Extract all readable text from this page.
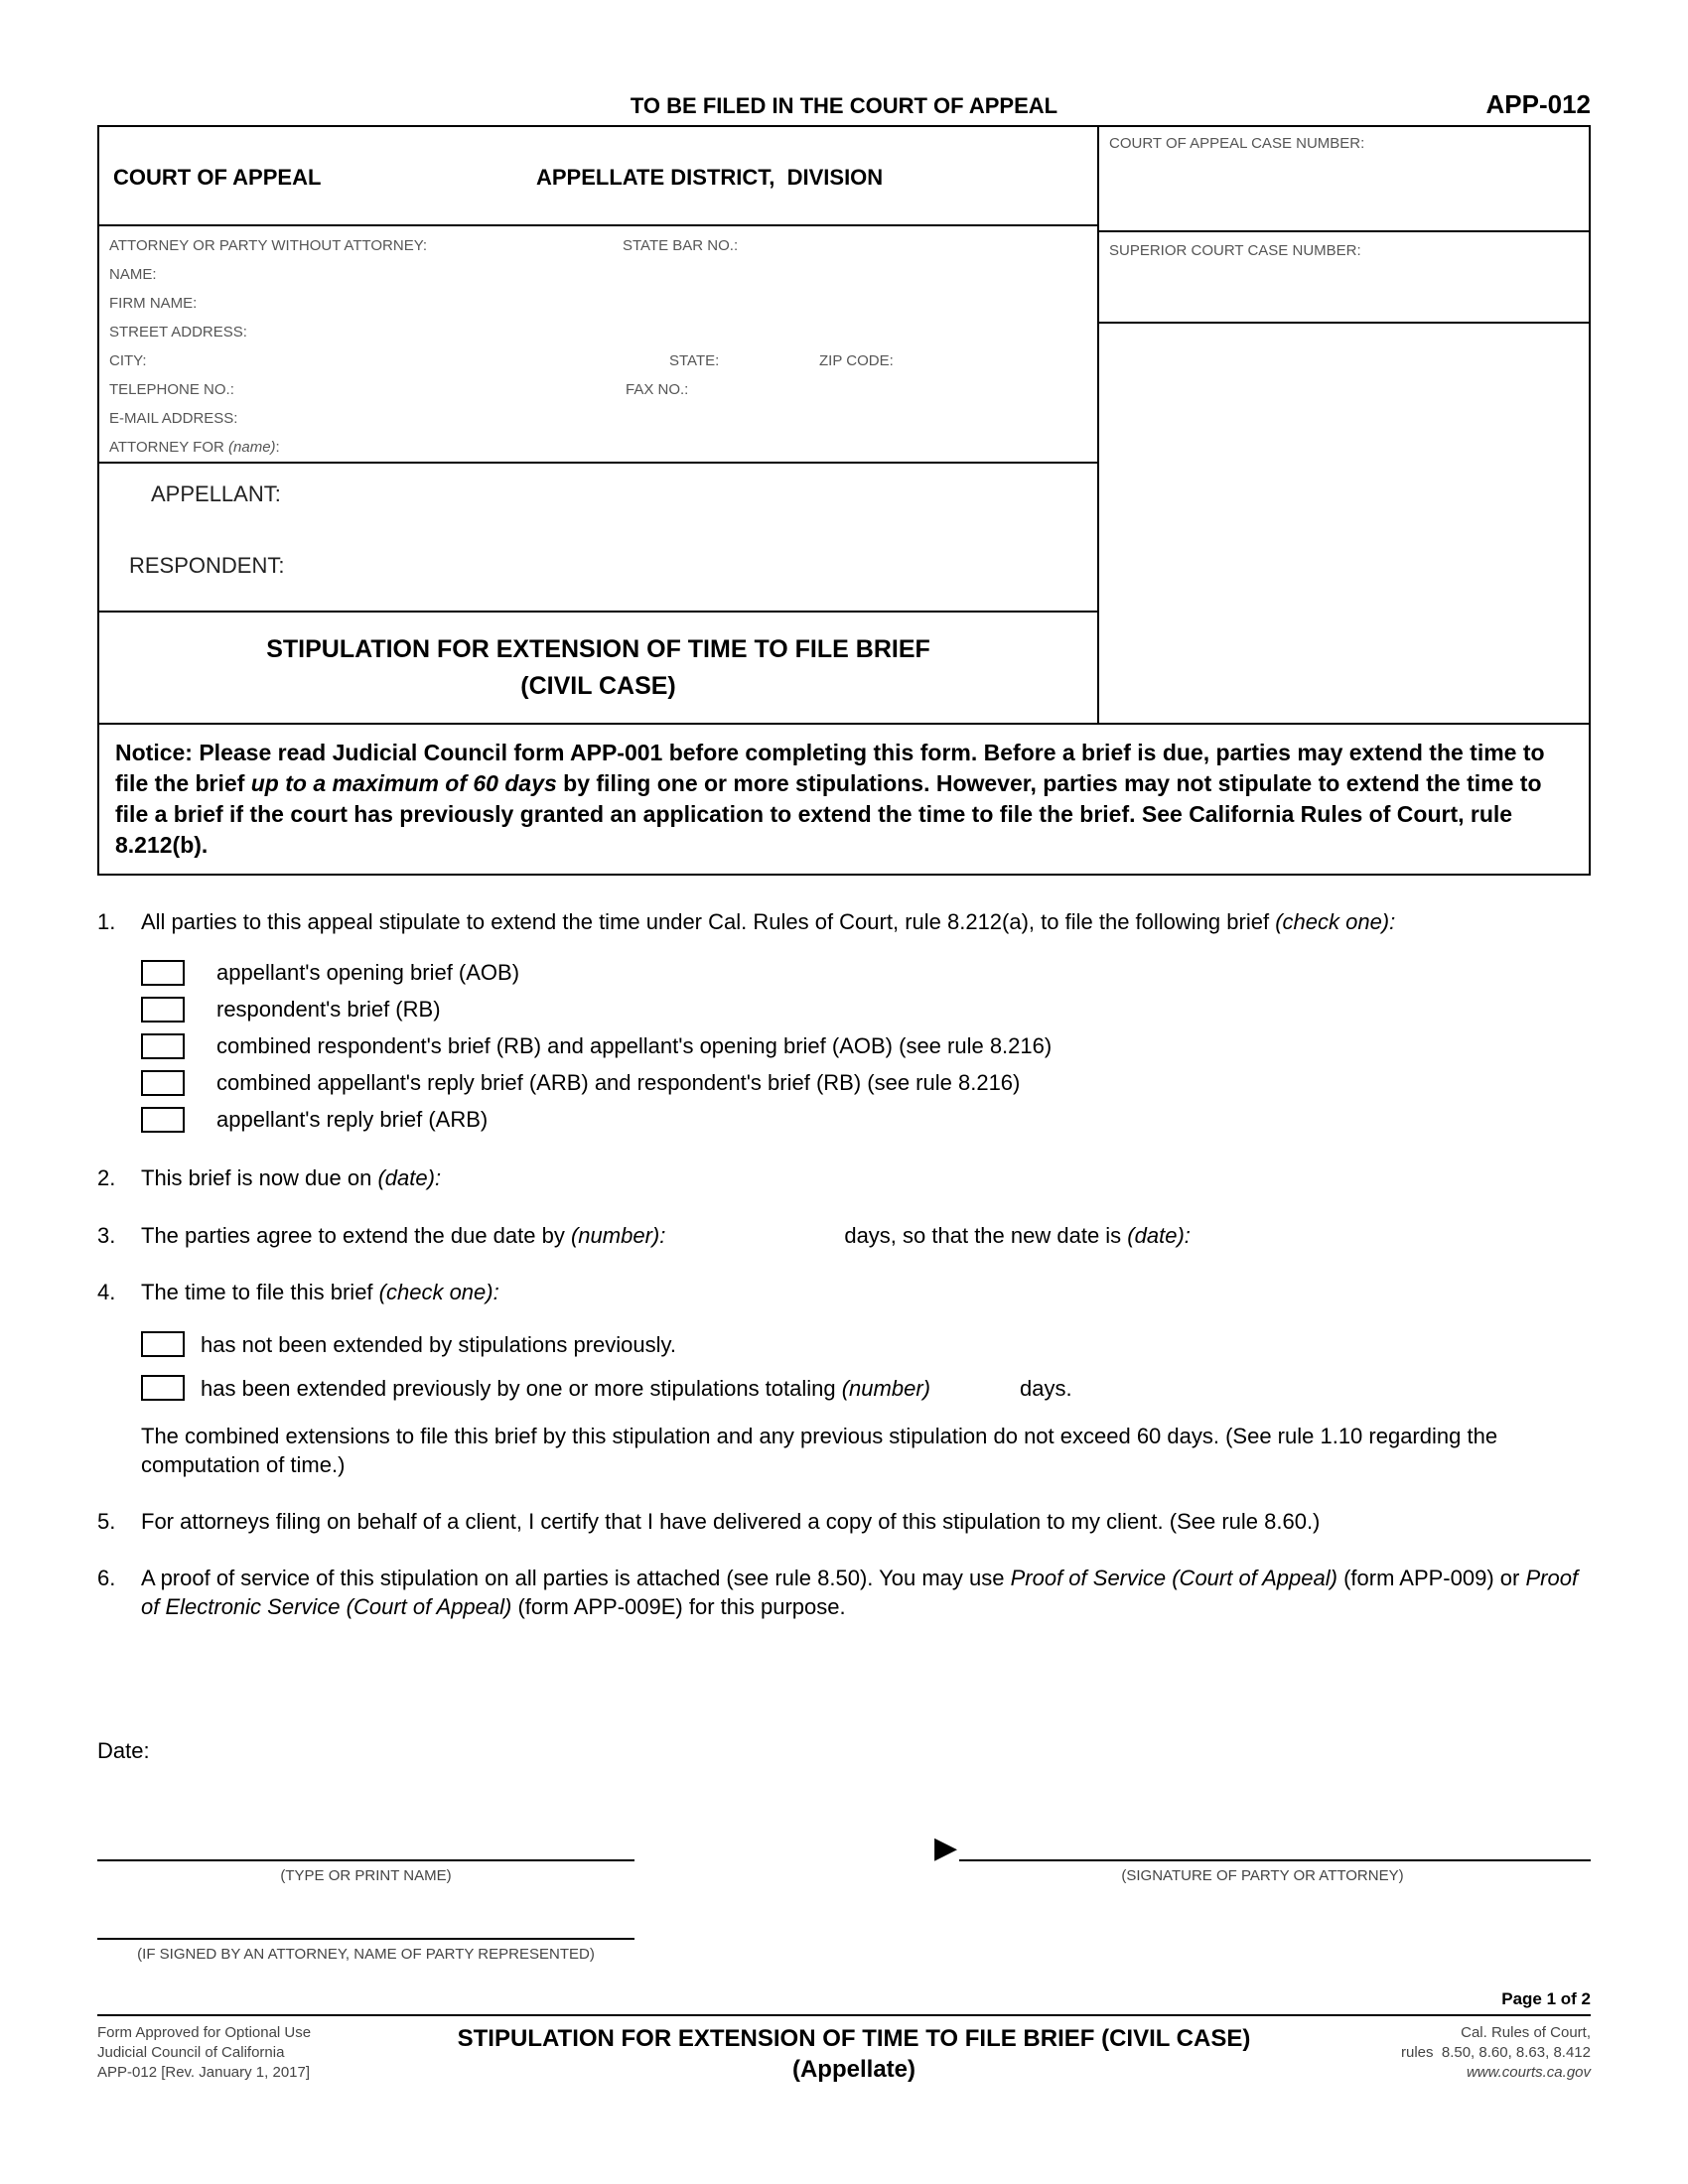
TO BE FILED IN THE COURT OF APPEAL	APP-012
COURT OF APPEAL	APPELLATE DISTRICT,  DIVISION
ATTORNEY OR PARTY WITHOUT ATTORNEY:	STATE BAR NO.:
NAME:
FIRM NAME:
STREET ADDRESS:
CITY:	STATE:	ZIP CODE:
TELEPHONE NO.:	FAX NO.:
E-MAIL ADDRESS:
ATTORNEY FOR (name):
APPELLANT:
RESPONDENT:
STIPULATION FOR EXTENSION OF TIME TO FILE BRIEF
(CIVIL CASE)
COURT OF APPEAL CASE NUMBER:
SUPERIOR COURT CASE NUMBER:
Notice: Please read Judicial Council form APP-001 before completing this form. Before a brief is due, parties may extend the time to file the brief up to a maximum of 60 days by filing one or more stipulations. However, parties may not stipulate to extend the time to file a brief if the court has previously granted an application to extend the time to file the brief. See California Rules of Court, rule 8.212(b).
1.	All parties to this appeal stipulate to extend the time under Cal. Rules of Court, rule 8.212(a), to file the following brief (check one):
appellant's opening brief (AOB)
respondent's brief (RB)
combined respondent's brief (RB) and appellant's opening brief (AOB) (see rule 8.216)
combined appellant's reply brief (ARB) and respondent's brief (RB) (see rule 8.216)
appellant's reply brief (ARB)
2.	This brief is now due on (date):
3.	The parties agree to extend the due date by (number):	days, so that the new date is (date):
4.	The time to file this brief (check one):
has not been extended by stipulations previously.
has been extended previously by one or more stipulations totaling (number)	days.
The combined extensions to file this brief by this stipulation and any previous stipulation do not exceed 60 days. (See rule 1.10 regarding the computation of time.)
5.	For attorneys filing on behalf of a client, I certify that I have delivered a copy of this stipulation to my client. (See rule 8.60.)
6.	A proof of service of this stipulation on all parties is attached (see rule 8.50). You may use Proof of Service (Court of Appeal) (form APP-009) or Proof of Electronic Service (Court of Appeal) (form APP-009E) for this purpose.
Date:
(TYPE OR PRINT NAME)
▶
(SIGNATURE OF PARTY OR ATTORNEY)
(IF SIGNED BY AN ATTORNEY, NAME OF PARTY REPRESENTED)
Page 1 of 2
Form Approved for Optional Use
Judicial Council of California
APP-012 [Rev. January 1, 2017]
STIPULATION FOR EXTENSION OF TIME TO FILE BRIEF (CIVIL CASE)
(Appellate)
Cal. Rules of Court,
rules  8.50, 8.60, 8.63, 8.412
www.courts.ca.gov
